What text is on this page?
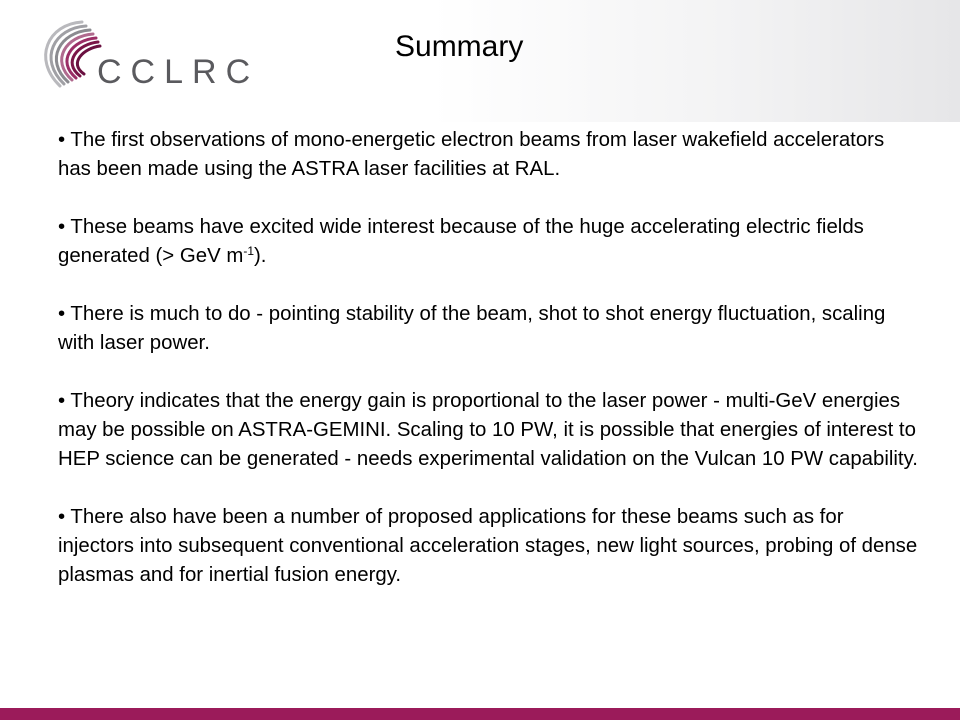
CCLRC
Summary

• The first observations of mono-energetic electron beams from laser wakefield accelerators has been made using the ASTRA laser facilities at RAL.

• These beams have excited wide interest because of the huge accelerating electric fields generated (> GeV $m^{-1}$).

• There is much to do - pointing stability of the beam, shot to shot energy fluctuation, scaling with laser power.

• Theory indicates that the energy gain is proportional to the laser power - multi-GeV energies may be possible on ASTRA-GEMINI. Scaling to 10 PW, it is possible that energies of interest to HEP science can be generated - needs experimental validation on the Vulcan 10 PW capability.

• There also have been a number of proposed applications for these beams such as for injectors into subsequent conventional acceleration stages, new light sources, probing of dense plasmas and for inertial fusion energy.
